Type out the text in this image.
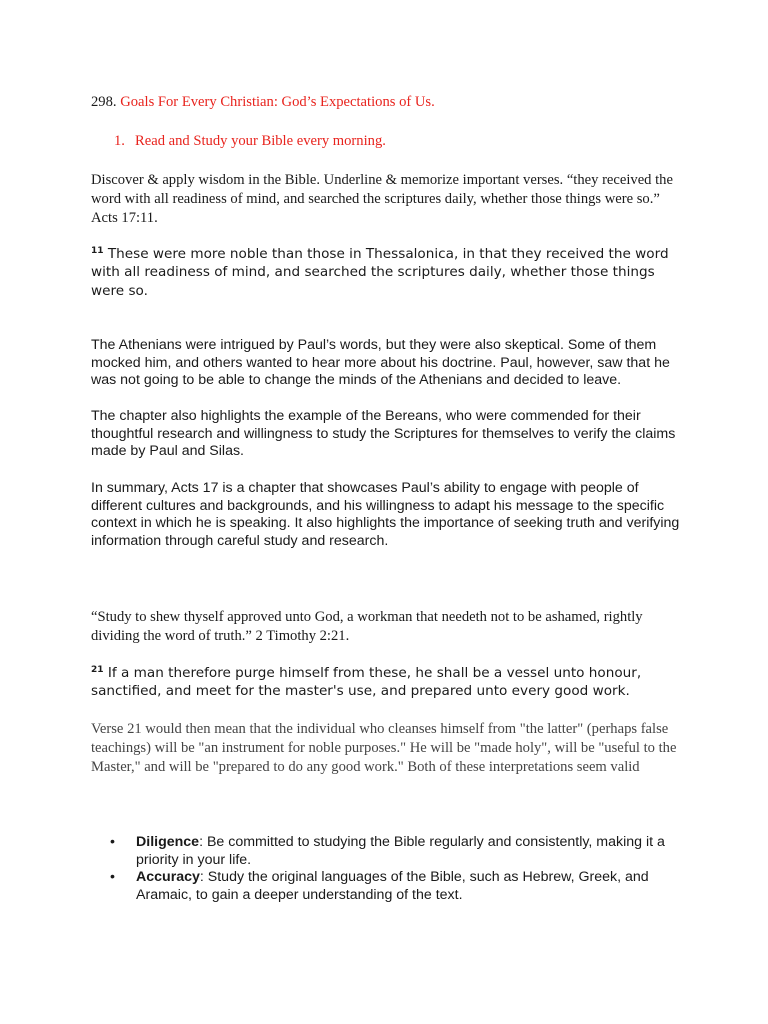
298. Goals For Every Christian: God’s Expectations of Us.

1. Read and Study your Bible every morning.

Discover & apply wisdom in the Bible. Underline & memorize important verses. “they received the word with all readiness of mind, and searched the scriptures daily, whether those things were so.” Acts 17:11.

$^{11}$ These were more noble than those in Thessalonica, in that they received the word with all readiness of mind, and searched the scriptures daily, whether those things were so.

The Athenians were intrigued by Paul’s words, but they were also skeptical. Some of them mocked him, and others wanted to hear more about his doctrine. Paul, however, saw that he was not going to be able to change the minds of the Athenians and decided to leave.

The chapter also highlights the example of the Bereans, who were commended for their thoughtful research and willingness to study the Scriptures for themselves to verify the claims made by Paul and Silas.

In summary, Acts 17 is a chapter that showcases Paul’s ability to engage with people of different cultures and backgrounds, and his willingness to adapt his message to the specific context in which he is speaking. It also highlights the importance of seeking truth and verifying information through careful study and research.

“Study to shew thyself approved unto God, a workman that needeth not to be ashamed, rightly dividing the word of truth.” 2 Timothy 2:21.

$^{21}$ If a man therefore purge himself from these, he shall be a vessel unto honour, sanctified, and meet for the master's use, and prepared unto every good work.

Verse 21 would then mean that the individual who cleanses himself from "the latter" (perhaps false teachings) will be "an instrument for noble purposes." He will be "made holy", will be "useful to the Master," and will be "prepared to do any good work." Both of these interpretations seem valid

• Diligence: Be committed to studying the Bible regularly and consistently, making it a priority in your life.
• Accuracy: Study the original languages of the Bible, such as Hebrew, Greek, and Aramaic, to gain a deeper understanding of the text.
